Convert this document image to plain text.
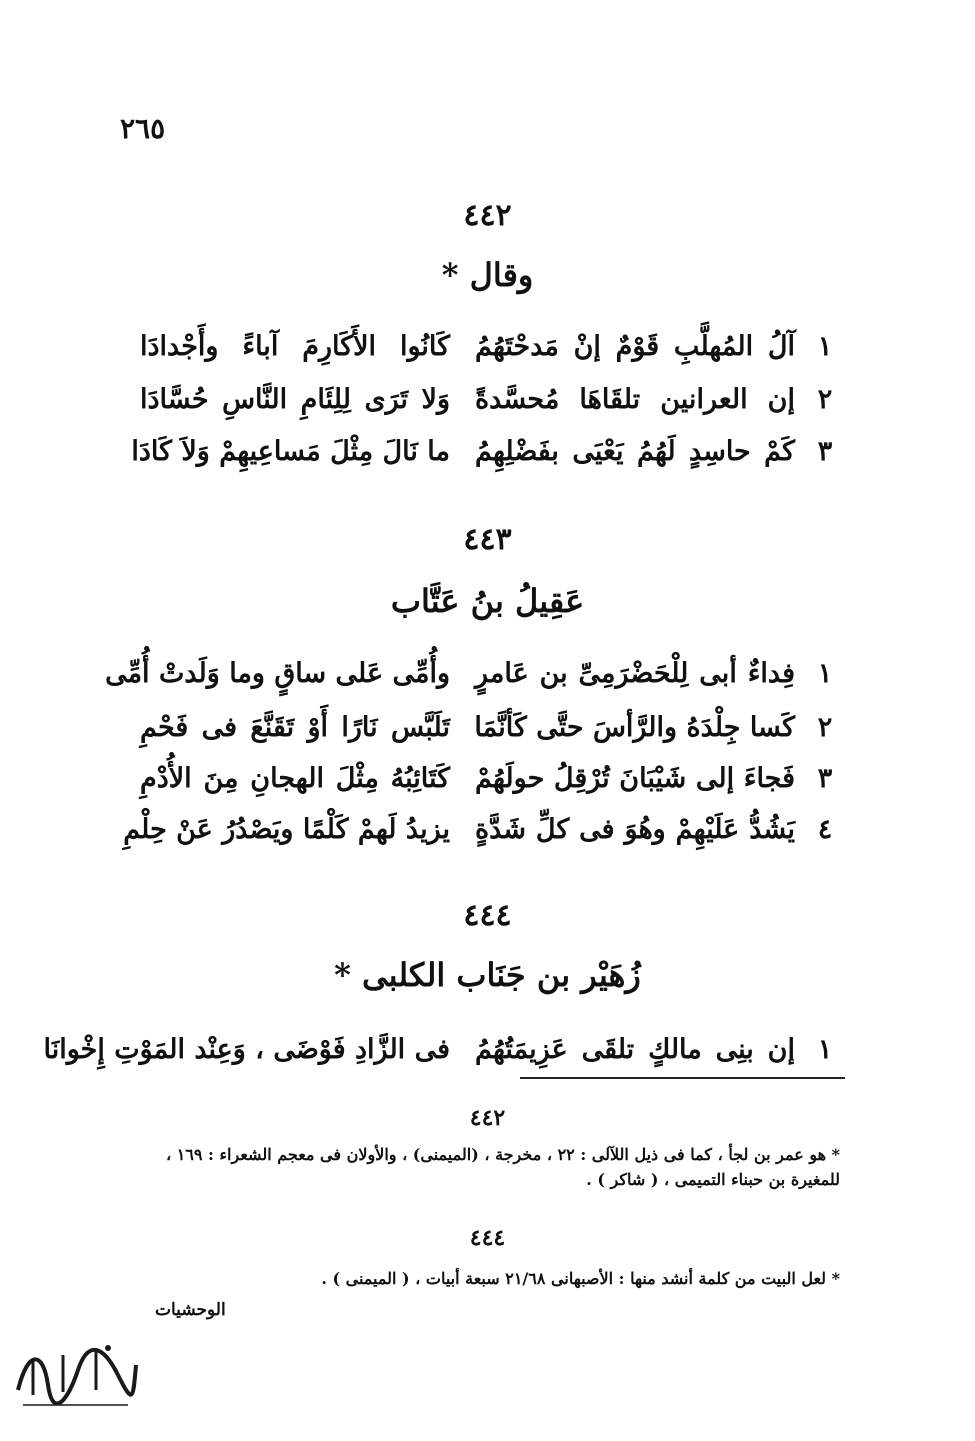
٢٦٥
٤٤٢
وقال *
١
آلُ المُهلَّبِ قَوْمٌ إنْ مَدحْتَهُمُ
كَانُوا الأَكَارِمَ آباءً وأَجْدادَا
٢
إن العرانين تلقَاهَا مُحسَّدةً
وَلا تَرَى لِلِئَامِ النَّاسِ حُسَّادَا
٣
كَمْ حاسِدٍ لَهُمُ يَعْيَى بفَضْلِهِمُ
ما نَالَ مِثْلَ مَساعِيهِمْ وَلاَ كَادَا
٤٤٣
عَقِيلُ بنُ عَتَّاب
١
فِداءٌ أبى لِلْحَضْرَمِىِّ بن عَامرٍ
وأُمِّى عَلى ساقٍ وما وَلَدتْ أُمِّى
٢
كَسا جِلْدَهُ والرَّأسَ حتَّى كَأنَّمَا
تَلَبَّس نَارًا أَوْ تَقَنَّعَ فى فَحْمِ
٣
فَجاءَ إلى شَيْبَانَ تُرْقِلُ حولَهُمْ
كَتَائِبُهُ مِثْلَ الهجانِ مِنَ الأُدْمِ
٤
يَشُدُّ عَلَيْهِمْ وهُوَ فى كلِّ شَدَّةٍ
يزيدُ لَهمْ كَلْمًا ويَصْدُرُ عَنْ حِلْمِ
٤٤٤
زُهَيْر بن جَنَاب الكلبى *
١
إن بنِى مالكٍ تلقَى عَزِيمَتُهُمُ
فى الزَّادِ فَوْضَى ، وَعِنْد المَوْتِ إِخْوانَا
٤٤٢
* هو عمر بن لجأ ، كما فى ذيل اللآلى : ٢٢ ، مخرجة ، (الميمنى) ، والأولان فى معجم الشعراء : ١٦٩ ، للمغيرة بن حبناء التميمى ، ( شاكر ) .
٤٤٤
* لعل البيت من كلمة أنشد منها : الأصبهانى ٢١/٦٨ سبعة أبيات ، ( الميمنى ) .
الوحشيات
